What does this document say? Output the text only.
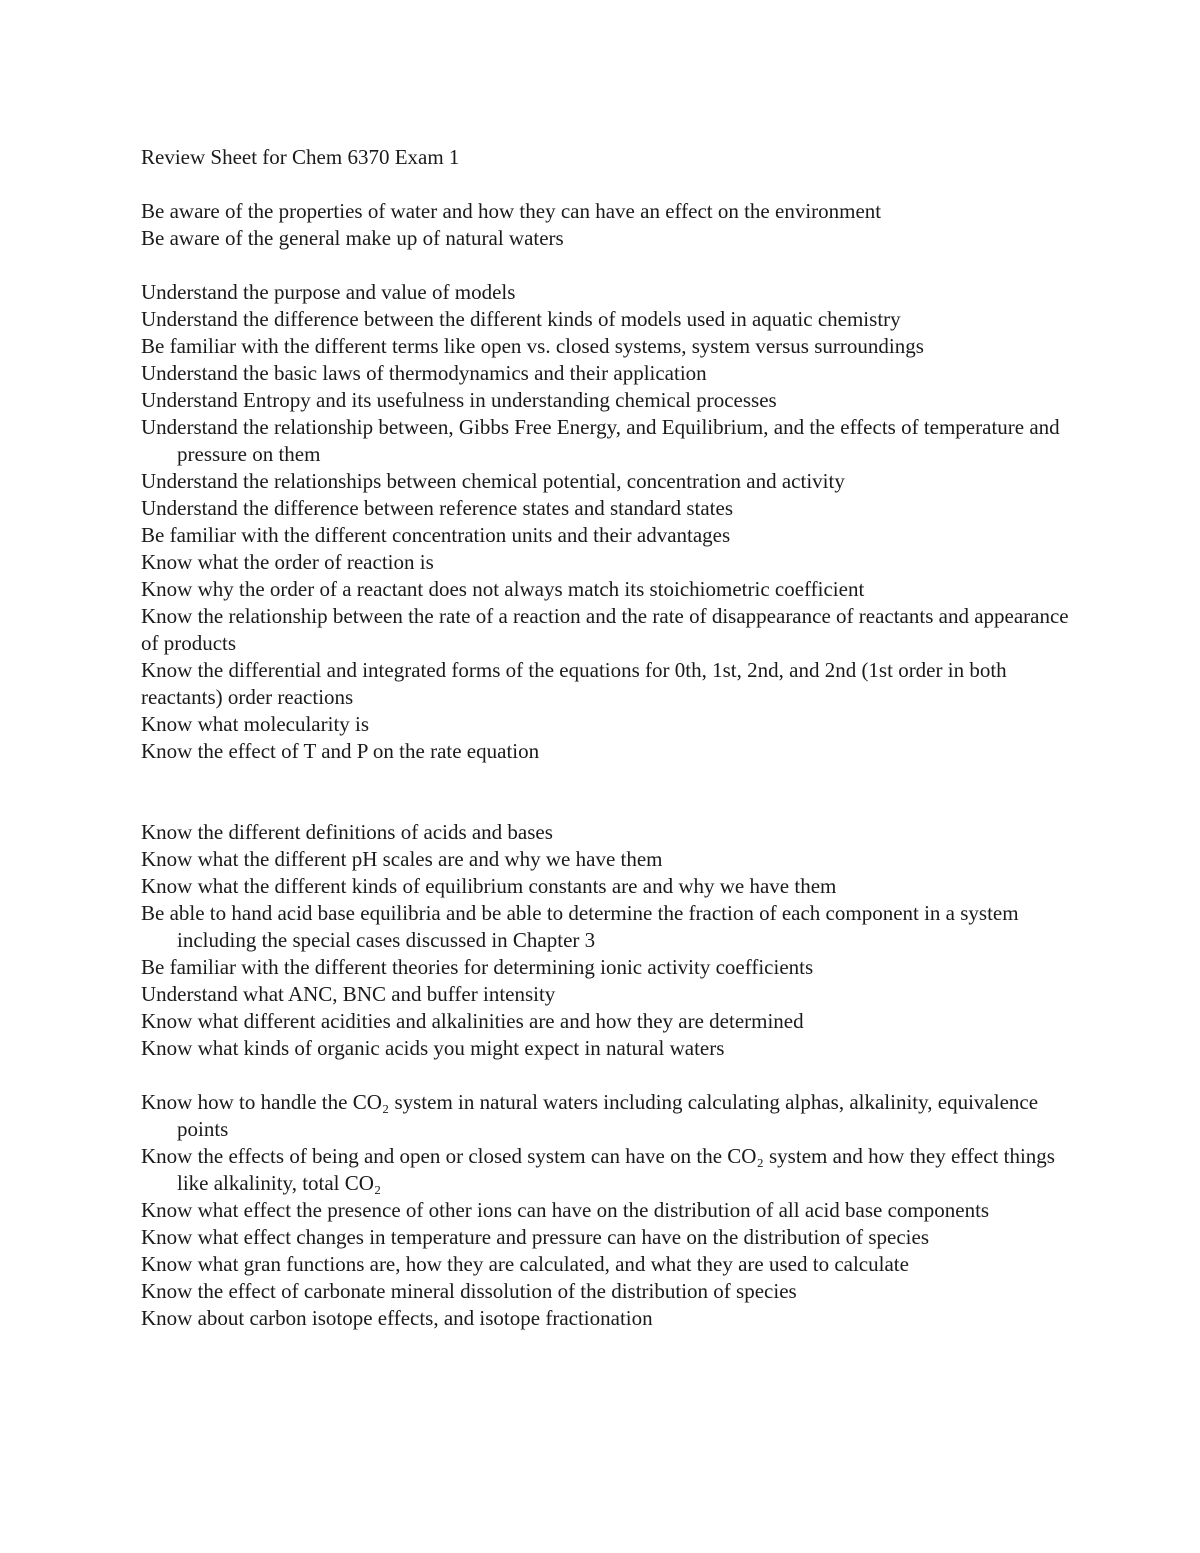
Review Sheet for Chem 6370 Exam 1
Be aware of the properties of water and how they can have an effect on the environment
Be aware of the general make up of natural waters
Understand the purpose and value of models
Understand the difference between the different kinds of models used in aquatic chemistry
Be familiar with the different terms like open vs. closed systems, system versus surroundings
Understand the basic laws of thermodynamics and their application
Understand Entropy and its usefulness in understanding chemical processes
Understand the relationship between, Gibbs Free Energy, and Equilibrium, and the effects of temperature and pressure on them
Understand the relationships between chemical potential, concentration and activity
Understand the difference between reference states and standard states
Be familiar with the different concentration units and their advantages
Know what the order of reaction is
Know why the order of a reactant does not always match its stoichiometric coefficient
Know the relationship between the rate of a reaction and the rate of disappearance of reactants and appearance of products
Know the differential and integrated forms of the equations for 0th, 1st, 2nd, and 2nd (1st order in both reactants) order reactions
Know what molecularity is
Know the effect of T and P on the rate equation
Know the different definitions of acids and bases
Know what the different pH scales are and why we have them
Know what the different kinds of equilibrium constants are and why we have them
Be able to hand acid base equilibria and be able to determine the fraction of each component in a system including the special cases discussed in Chapter 3
Be familiar with the different theories for determining ionic activity coefficients
Understand what ANC, BNC and buffer intensity
Know what different acidities and alkalinities are and how they are determined
Know what kinds of organic acids you might expect in natural waters
Know how to handle the CO₂ system in natural waters including calculating alphas, alkalinity, equivalence points
Know the effects of being and open or closed system can have on the CO₂ system and how they effect things like alkalinity, total CO₂
Know what effect the presence of other ions can have on the distribution of all acid base components
Know what effect changes in temperature and pressure can have on the distribution of species
Know what gran functions are, how they are calculated, and what they are used to calculate
Know the effect of carbonate mineral dissolution of the distribution of species
Know about carbon isotope effects, and isotope fractionation
